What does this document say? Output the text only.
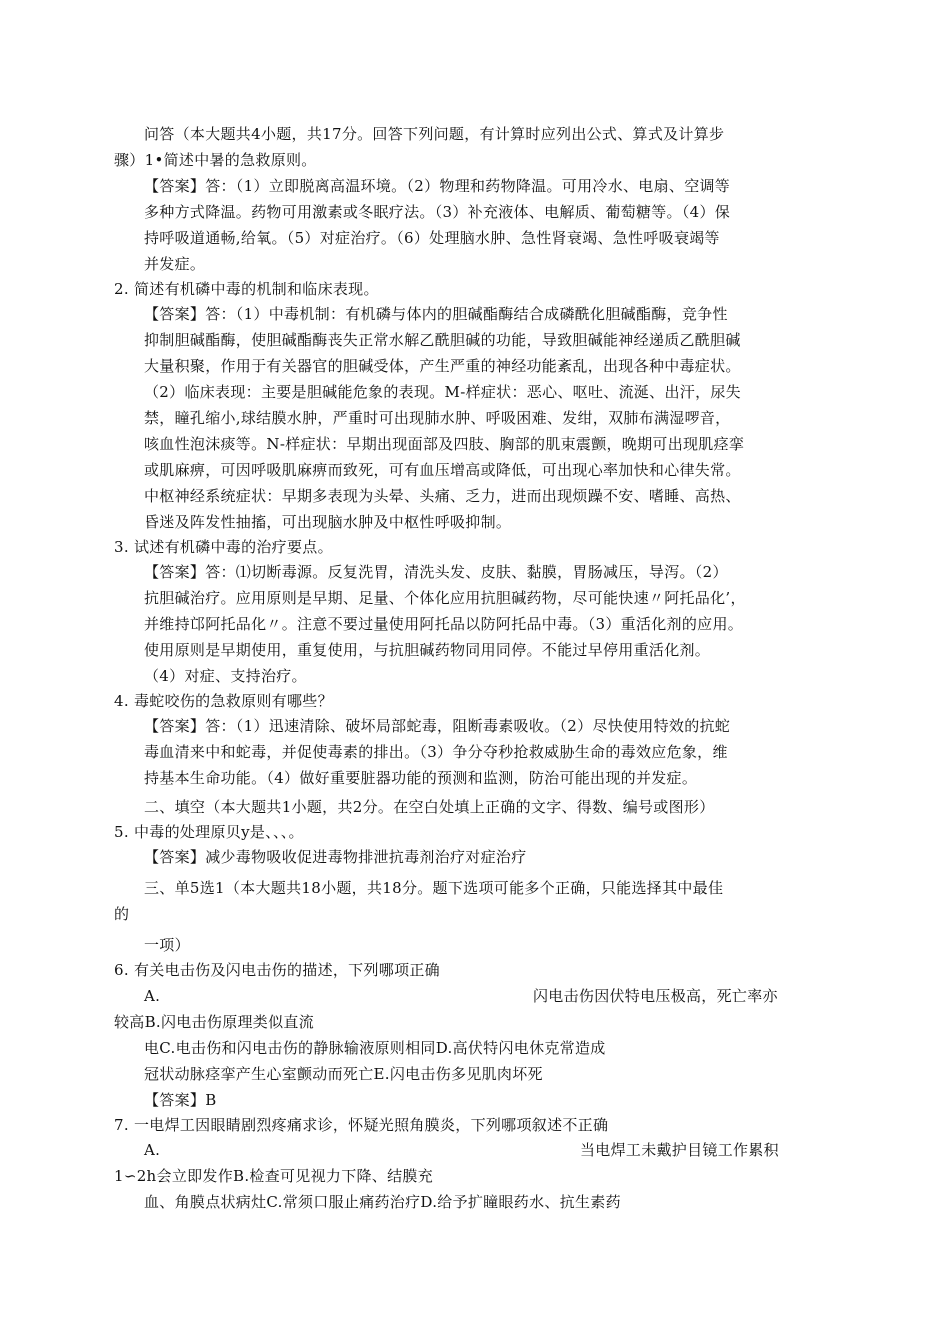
问答（本大题共4小题，共17分。回答下列问题，有计算时应列出公式、算式及计算步
骤）1•简述中暑的急救原则。
【答案】答：（1）立即脱离高温环境。（2）物理和药物降温。可用冷水、电扇、空调等
多种方式降温。药物可用激素或冬眠疗法。（3）补充液体、电解质、葡萄糖等。（4）保
持呼吸道通畅,给氧。（5）对症治疗。（6）处理脑水肿、急性肾衰竭、急性呼吸衰竭等
并发症。
2. 简述有机磷中毒的机制和临床表现。
【答案】答：（1）中毒机制：有机磷与体内的胆碱酯酶结合成磷酰化胆碱酯酶，竞争性
抑制胆碱酯酶，使胆碱酯酶丧失正常水解乙酰胆碱的功能，导致胆碱能神经递质乙酰胆碱
大量积聚，作用于有关器官的胆碱受体，产生严重的神经功能紊乱，出现各种中毒症状。
（2）临床表现：主要是胆碱能危象的表现。M-样症状：恶心、呕吐、流涎、出汗，尿失
禁，瞳孔缩小,球结膜水肿，严重时可出现肺水肿、呼吸困难、发绀，双肺布满湿啰音，
咳血性泡沫痰等。N-样症状：早期出现面部及四肢、胸部的肌束震颤，晚期可出现肌痉挛
或肌麻痹，可因呼吸肌麻痹而致死，可有血压增高或降低，可出现心率加快和心律失常。
中枢神经系统症状：早期多表现为头晕、头痛、乏力，进而出现烦躁不安、嗜睡、高热、
昏迷及阵发性抽搐，可出现脑水肿及中枢性呼吸抑制。
3. 试述有机磷中毒的治疗要点。
【答案】答：⑴切断毒源。反复洗胃，清洗头发、皮肤、黏膜，胃肠减压，导泻。（2）
抗胆碱治疗。应用原则是早期、足量、个体化应用抗胆碱药物，尽可能快速〃阿托品化’，
并维持邙阿托品化〃。注意不要过量使用阿托品以防阿托品中毒。（3）重活化剂的应用。
使用原则是早期使用，重复使用，与抗胆碱药物同用同停。不能过早停用重活化剂。
（4）对症、支持治疗。
4. 毒蛇咬伤的急救原则有哪些？
【答案】答：（1）迅速清除、破坏局部蛇毒，阻断毒素吸收。（2）尽快使用特效的抗蛇
毒血清来中和蛇毒，并促使毒素的排出。（3）争分夺秒抢救威胁生命的毒效应危象，维
持基本生命功能。（4）做好重要脏器功能的预测和监测，防治可能出现的并发症。
二、填空（本大题共1小题，共2分。在空白处填上正确的文字、得数、编号或图形）
5. 中毒的处理原贝y是、、、。
【答案】减少毒物吸收促进毒物排泄抗毒剂治疗对症治疗
三、单5选1（本大题共18小题，共18分。题下选项可能多个正确，只能选择其中最佳
的
一项）
6. 有关电击伤及闪电击伤的描述，下列哪项正确
A.	闪电击伤因伏特电压极高，死亡率亦
较高B.闪电击伤原理类似直流
电C.电击伤和闪电击伤的静脉输液原则相同D.高伏特闪电休克常造成
冠状动脉痉挛产生心室颤动而死亡E.闪电击伤多见肌肉坏死
【答案】B
7. 一电焊工因眼睛剧烈疼痛求诊，怀疑光照角膜炎，下列哪项叙述不正确
A.	当电焊工未戴护目镜工作累积
1∽2h会立即发作B.检查可见视力下降、结膜充
血、角膜点状病灶C.常须口服止痛药治疗D.给予扩瞳眼药水、抗生素药
